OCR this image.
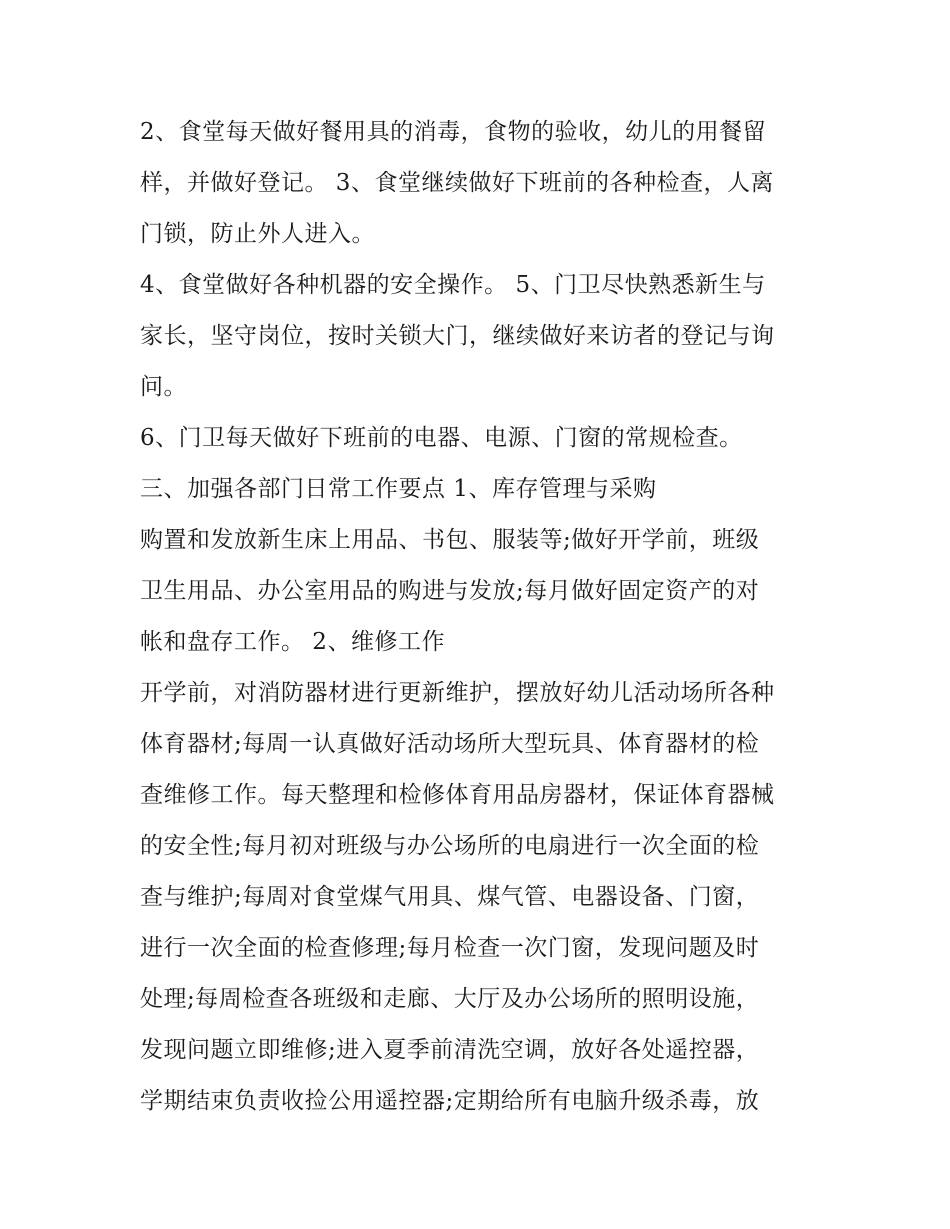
2、食堂每天做好餐用具的消毒，食物的验收，幼儿的用餐留
样，并做好登记。 3、食堂继续做好下班前的各种检查，人离
门锁，防止外人进入。
4、食堂做好各种机器的安全操作。 5、门卫尽快熟悉新生与
家长，坚守岗位，按时关锁大门，继续做好来访者的登记与询
问。
6、门卫每天做好下班前的电器、电源、门窗的常规检查。
三、加强各部门日常工作要点 1、库存管理与采购
购置和发放新生床上用品、书包、服装等;做好开学前，班级
卫生用品、办公室用品的购进与发放;每月做好固定资产的对
帐和盘存工作。 2、维修工作
开学前，对消防器材进行更新维护，摆放好幼儿活动场所各种
体育器材;每周一认真做好活动场所大型玩具、体育器材的检
查维修工作。每天整理和检修体育用品房器材，保证体育器械
的安全性;每月初对班级与办公场所的电扇进行一次全面的检
查与维护;每周对食堂煤气用具、煤气管、电器设备、门窗，
进行一次全面的检查修理;每月检查一次门窗，发现问题及时
处理;每周检查各班级和走廊、大厅及办公场所的照明设施，
发现问题立即维修;进入夏季前清洗空调，放好各处遥控器，
学期结束负责收捡公用遥控器;定期给所有电脑升级杀毒，放
